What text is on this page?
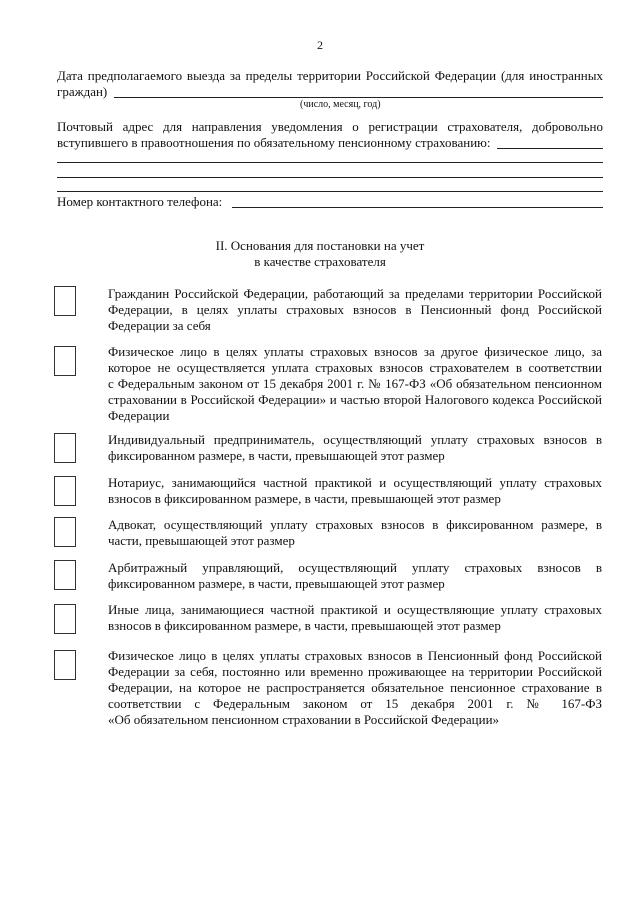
2
Дата предполагаемого выезда за пределы территории Российской Федерации (для иностранных
граждан)
(число, месяц, год)
Почтовый адрес для направления уведомления о регистрации страхователя, добровольно
вступившего в правоотношения по обязательному пенсионному страхованию:
Номер контактного телефона:
II. Основания для постановки на учет
в качестве страхователя
Гражданин Российской Федерации, работающий за пределами территории Российской
Федерации, в целях уплаты страховых взносов в Пенсионный фонд Российской
Федерации за себя
Физическое лицо в целях уплаты страховых взносов за другое физическое лицо, за
которое не осуществляется уплата страховых взносов страхователем в соответствии
с Федеральным законом от 15 декабря 2001 г. № 167-ФЗ «Об обязательном пенсионном
страховании в Российской Федерации» и частью второй Налогового кодекса Российской
Федерации
Индивидуальный предприниматель, осуществляющий уплату страховых взносов в
фиксированном размере, в части, превышающей этот размер
Нотариус, занимающийся частной практикой и осуществляющий уплату страховых
взносов в фиксированном размере, в части, превышающей этот размер
Адвокат, осуществляющий уплату страховых взносов в фиксированном размере, в
части, превышающей этот размер
Арбитражный управляющий, осуществляющий уплату страховых взносов в
фиксированном размере, в части, превышающей этот размер
Иные лица, занимающиеся частной практикой и осуществляющие уплату страховых
взносов в фиксированном размере, в части, превышающей этот размер
Физическое лицо в целях уплаты страховых взносов в Пенсионный фонд Российской
Федерации за себя, постоянно или временно проживающее на территории Российской
Федерации, на которое не распространяется обязательное пенсионное страхование в
соответствии с Федеральным законом от 15 декабря 2001 г. № 167-ФЗ
«Об обязательном пенсионном страховании в Российской Федерации»
